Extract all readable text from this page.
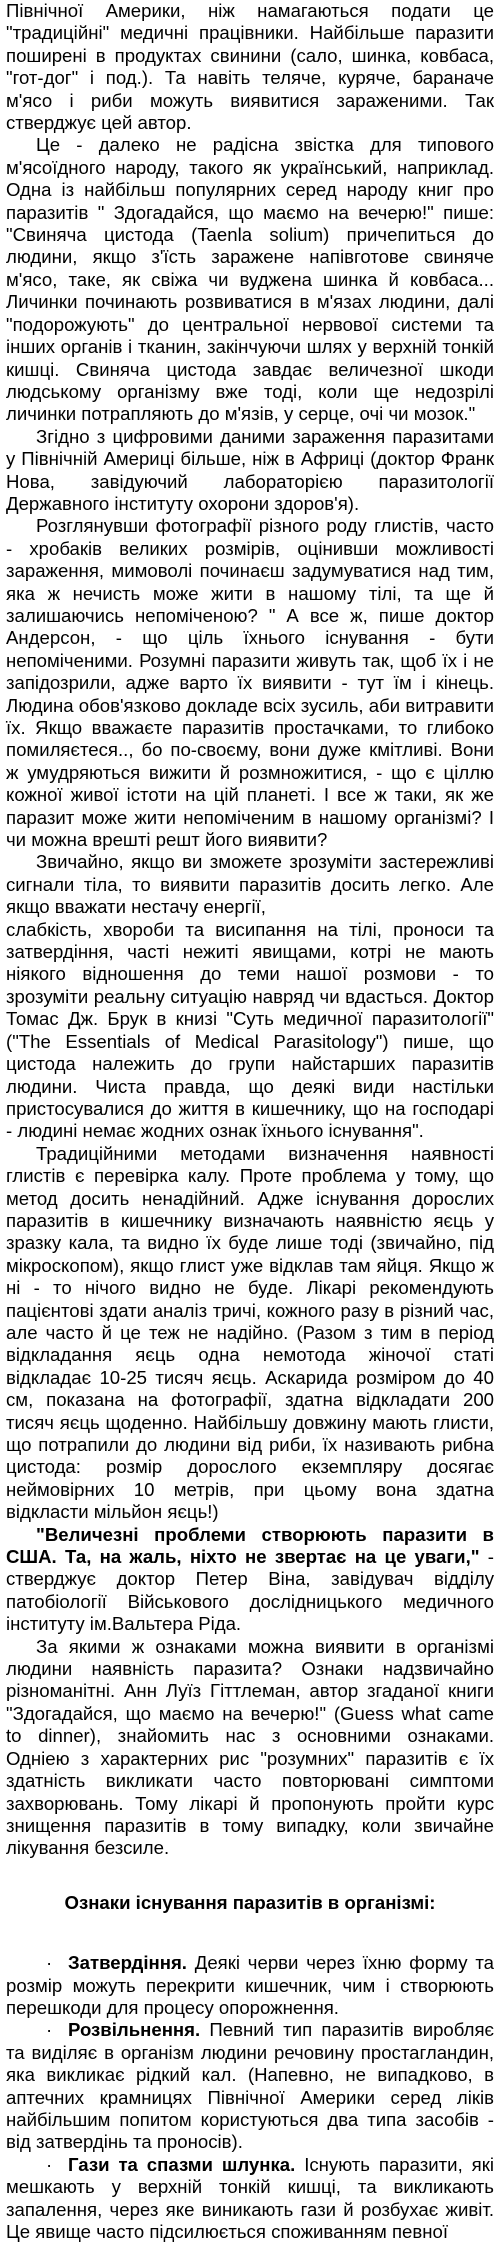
Північної Америки, ніж намагаються подати це "традиційні" медичні працівники. Найбільше паразити поширені в продуктах свинини (сало, шинка, ковбаса, "гот-дог" і под.). Та навіть теляче, куряче, бараначе м'ясо і риби можуть виявитися зараженими. Так стверджує цей автор.

Це - далеко не радісна звістка для типового м'ясоїдного народу, такого як український, наприклад. Одна із найбільш популярних серед народу книг про паразитів " Здогадайся, що маємо на вечерю!" пише: "Свиняча цистода (Taenla solium) причепиться до людини, якщо з'їсть заражене напівготове свиняче м'ясо, таке, як свіжа чи вуджена шинка й ковбаса... Личинки починають розвиватися в м'язах людини, далі "подорожують" до центральної нервової системи та інших органів і тканин, закінчуючи шлях у верхній тонкій кишці. Свиняча цистода завдає величезної шкоди людському організму вже тоді, коли ще недозрілі личинки потрапляють до м'язів, у серце, очі чи мозок."

Згідно з цифровими даними зараження паразитами у Північній Америці більше, ніж в Африці (доктор Франк Нова, завідуючий лабораторією паразитології Державного інституту охорони здоров'я).

Розглянувши фотографії різного роду глистів, часто - хробаків великих розмірів, оцінивши можливості зараження, мимоволі починаєш задумуватися над тим, яка ж нечисть може жити в нашому тілі, та ще й залишаючись непоміченою? " А все ж, пише доктор Андерсон, - що ціль їхнього існування - бути непоміченими. Розумні паразити живуть так, щоб їх і не запідозрили, адже варто їх виявити - тут їм і кінець. Людина обов'язково докладе всіх зусиль, аби витравити їх. Якщо вважаєте паразитів простачками, то глибоко помиляєтеся.., бо по-своєму, вони дуже кмітливі. Вони ж умудряються вижити й розмножитися, - що є ціллю кожної живої істоти на цій планеті. І все ж таки, як же паразит може жити непоміченим в нашому організмі? І чи можна врешті решт його виявити?

Звичайно, якщо ви зможете зрозуміти застережливі сигнали тіла, то виявити паразитів досить легко. Але якщо вважати нестачу енергії,

слабкість, хвороби та висипання на тілі, проноси та затвердіння, часті нежиті явищами, котрі не мають ніякого відношення до теми нашої розмови - то зрозуміти реальну ситуацію навряд чи вдасться. Доктор Томас Дж. Брук в книзі "Суть медичної паразитології" ("The Essentials of Medical Parasitology") пише, що цистода належить до групи найстарших паразитів людини. Чиста правда, що деякі види настільки пристосувалися до життя в кишечнику, що на господарі - людині немає жодних ознак їхнього існування".

Традиційними методами визначення наявності глистів є перевірка калу. Проте проблема у тому, що метод досить ненадійний. Адже існування дорослих паразитів в кишечнику визначають наявністю яєць у зразку кала, та видно їх буде лише тоді (звичайно, під мікроскопом), якщо глист уже відклав там яйця. Якщо ж ні - то нічого видно не буде. Лікарі рекомендують пацієнтові здати аналіз тричі, кожного разу в різний час, але часто й це теж не надійно. (Разом з тим в період відкладання яєць одна немотода жіночої статі відкладає 10-25 тисяч яєць. Аскарида розміром до 40 см, показана на фотографії, здатна відкладати 200 тисяч яєць щоденно. Найбільшу довжину мають глисти, що потрапили до людини від риби, їх називають рибна цистода: розмір дорослого екземпляру досягає неймовірних 10 метрів, при цьому вона здатна відкласти мільйон яєць!)

"Величезні проблеми створюють паразити в США. Та, на жаль, ніхто не звертає на це уваги," - стверджує доктор Петер Віна, завідувач відділу патобіології Військового дослідницького медичного інституту ім.Вальтера Ріда.

За якими ж ознаками можна виявити в організмі людини наявність паразита? Ознаки надзвичайно різноманітні. Анн Луїз Гіттлеман, автор згаданої книги "Здогадайся, що маємо на вечерю!" (Guess what came to dinner), знайомить нас з основними ознаками. Одніею з характерних рис "розумних" паразитів є їх здатність викликати часто повторювані симптоми захворювань. Тому лікарі й пропонують пройти курс знищення паразитів в тому випадку, коли звичайне лікування безсиле.

Ознаки існування паразитів в організмі:

· Затвердіння. Деякі черви через їхню форму та розмір можуть перекрити кишечник, чим і створюють перешкоди для процесу опорожнення.

· Розвільнення. Певний тип паразитів виробляє та виділяє в організм людини речовину простагландин, яка викликає рідкий кал. (Напевно, не випадково, в аптечних крамницях Північної Америки серед ліків найбільшим попитом користуються два типа засобів - від затвердінь та проносів).

· Гази та спазми шлунка. Існують паразити, які мешкають у верхній тонкій кишці, та викликають запалення, через яке виникають гази й розбухає живіт. Це явище часто підсилюється споживанням певної
